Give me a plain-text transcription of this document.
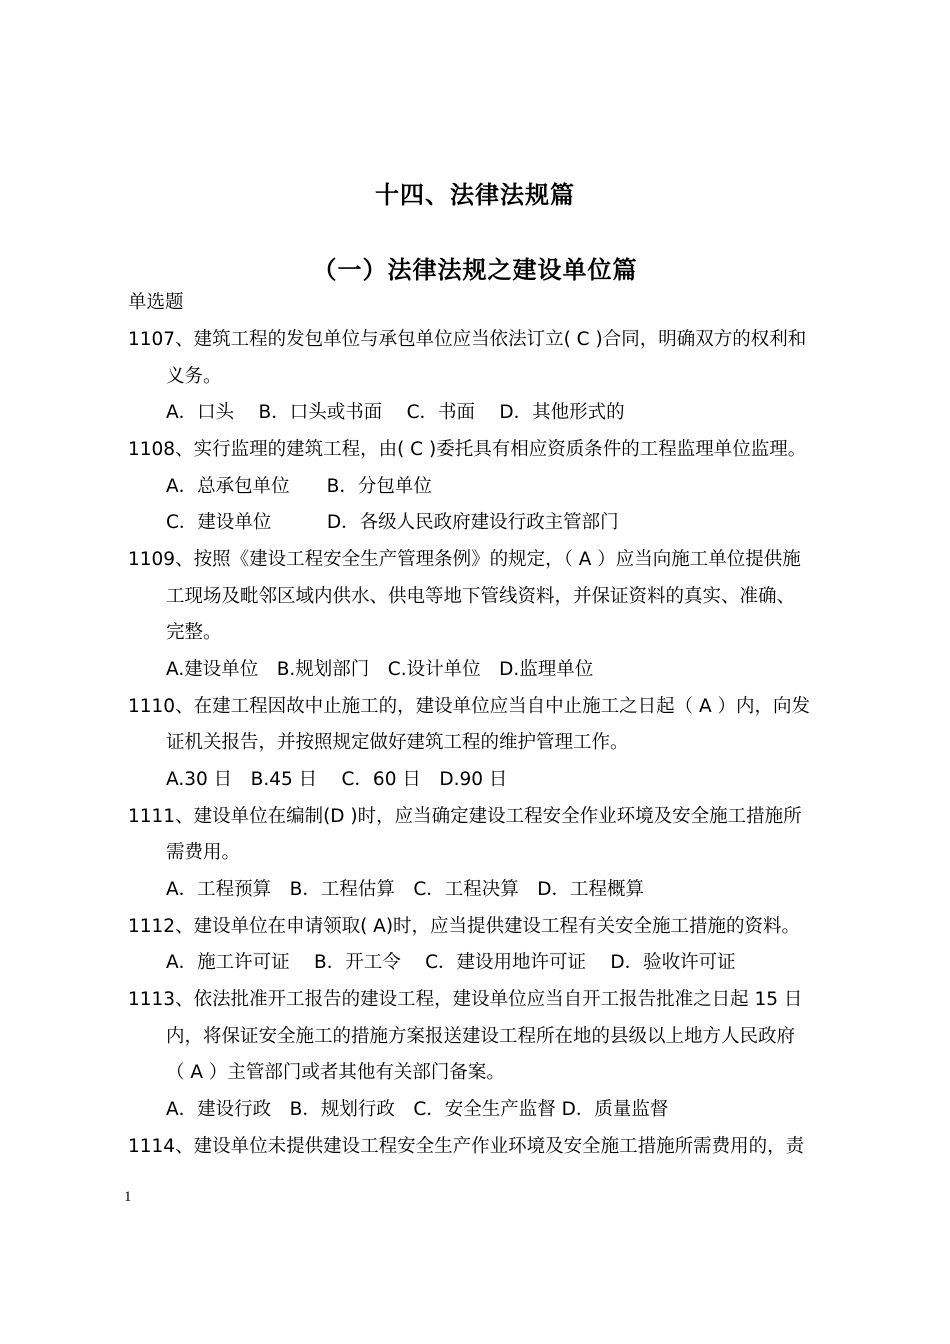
十四、法律法规篇
（一）法律法规之建设单位篇
单选题
1107、建筑工程的发包单位与承包单位应当依法订立( C )合同，明确双方的权利和
义务。
A．口头　 B．口头或书面　 C．书面　 D．其他形式的
1108、实行监理的建筑工程，由( C )委托具有相应资质条件的工程监理单位监理。
A．总承包单位　　B．分包单位
C．建设单位　　　D．各级人民政府建设行政主管部门
1109、按照《建设工程安全生产管理条例》的规定，（ A ）应当向施工单位提供施
工现场及毗邻区域内供水、供电等地下管线资料，并保证资料的真实、准确、
完整。
A.建设单位　B.规划部门　C.设计单位　D.监理单位
1110、在建工程因故中止施工的，建设单位应当自中止施工之日起（ A ）内，向发
证机关报告，并按照规定做好建筑工程的维护管理工作。
A.30 日　B.45 日　 C．60 日　D.90 日
1111、建设单位在编制(D )时，应当确定建设工程安全作业环境及安全施工措施所
需费用。
A．工程预算　B．工程估算　C．工程决算　D．工程概算
1112、建设单位在申请领取( A)时，应当提供建设工程有关安全施工措施的资料。
A．施工许可证　 B．开工令　 C．建设用地许可证　 D．验收许可证
1113、依法批准开工报告的建设工程，建设单位应当自开工报告批准之日起 15 日
内，将保证安全施工的措施方案报送建设工程所在地的县级以上地方人民政府
（ A ）主管部门或者其他有关部门备案。
A．建设行政　B．规划行政　C．安全生产监督 D．质量监督
1114、建设单位未提供建设工程安全生产作业环境及安全施工措施所需费用的，责
1
